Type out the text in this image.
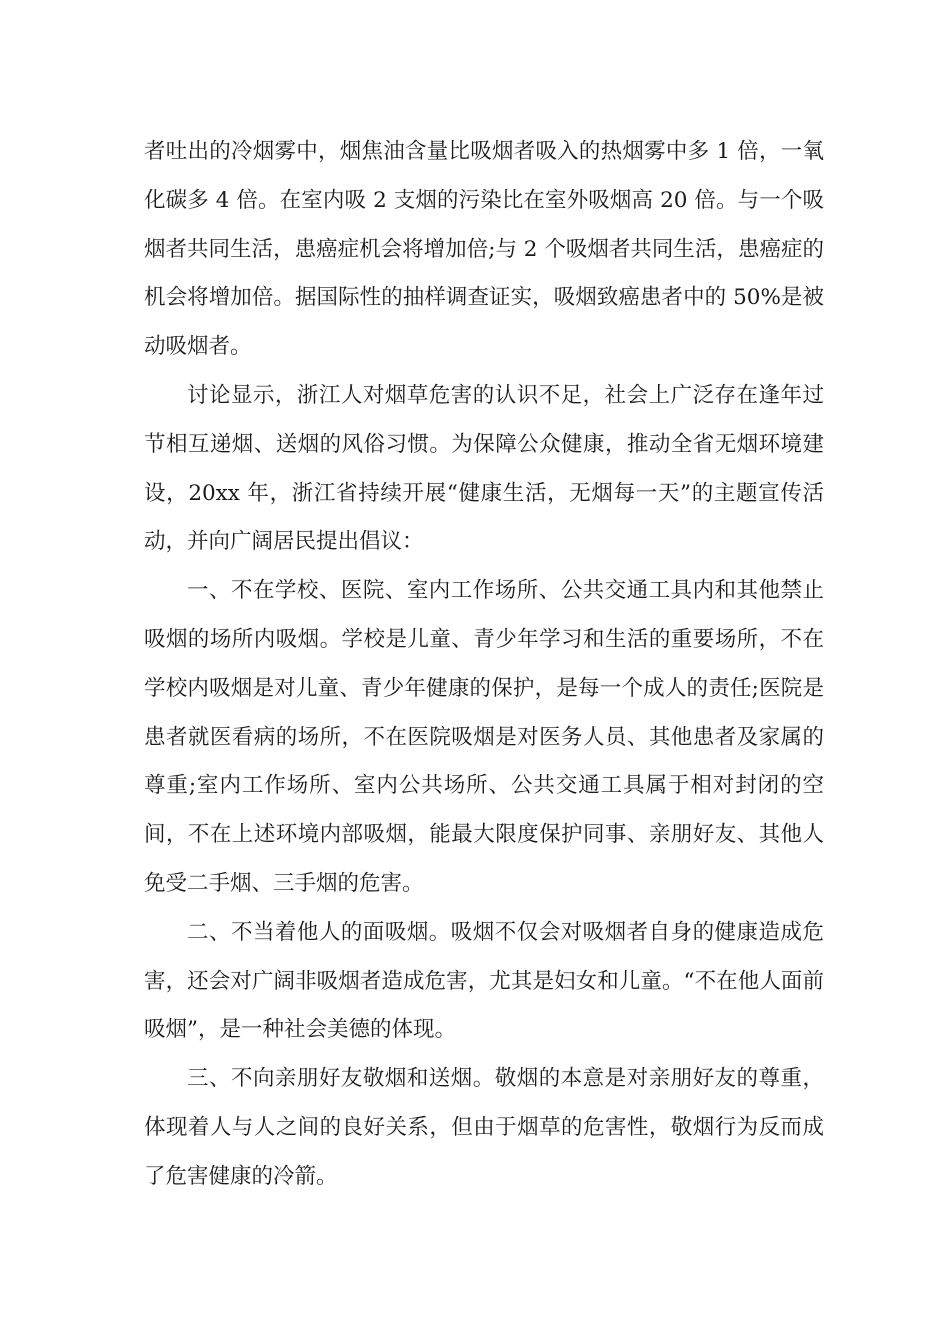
者吐出的冷烟雾中，烟焦油含量比吸烟者吸入的热烟雾中多 1 倍，一氧化碳多 4 倍。在室内吸 2 支烟的污染比在室外吸烟高 20 倍。与一个吸烟者共同生活，患癌症机会将增加倍;与 2 个吸烟者共同生活，患癌症的机会将增加倍。据国际性的抽样调查证实，吸烟致癌患者中的 50%是被动吸烟者。

讨论显示，浙江人对烟草危害的认识不足，社会上广泛存在逢年过节相互递烟、送烟的风俗习惯。为保障公众健康，推动全省无烟环境建设，20xx 年，浙江省持续开展“健康生活，无烟每一天”的主题宣传活动，并向广阔居民提出倡议：

一、不在学校、医院、室内工作场所、公共交通工具内和其他禁止吸烟的场所内吸烟。学校是儿童、青少年学习和生活的重要场所，不在学校内吸烟是对儿童、青少年健康的保护，是每一个成人的责任;医院是患者就医看病的场所，不在医院吸烟是对医务人员、其他患者及家属的尊重;室内工作场所、室内公共场所、公共交通工具属于相对封闭的空间，不在上述环境内部吸烟，能最大限度保护同事、亲朋好友、其他人免受二手烟、三手烟的危害。

二、不当着他人的面吸烟。吸烟不仅会对吸烟者自身的健康造成危害，还会对广阔非吸烟者造成危害，尤其是妇女和儿童。“不在他人面前吸烟”，是一种社会美德的体现。

三、不向亲朋好友敬烟和送烟。敬烟的本意是对亲朋好友的尊重，体现着人与人之间的良好关系，但由于烟草的危害性，敬烟行为反而成了危害健康的冷箭。
